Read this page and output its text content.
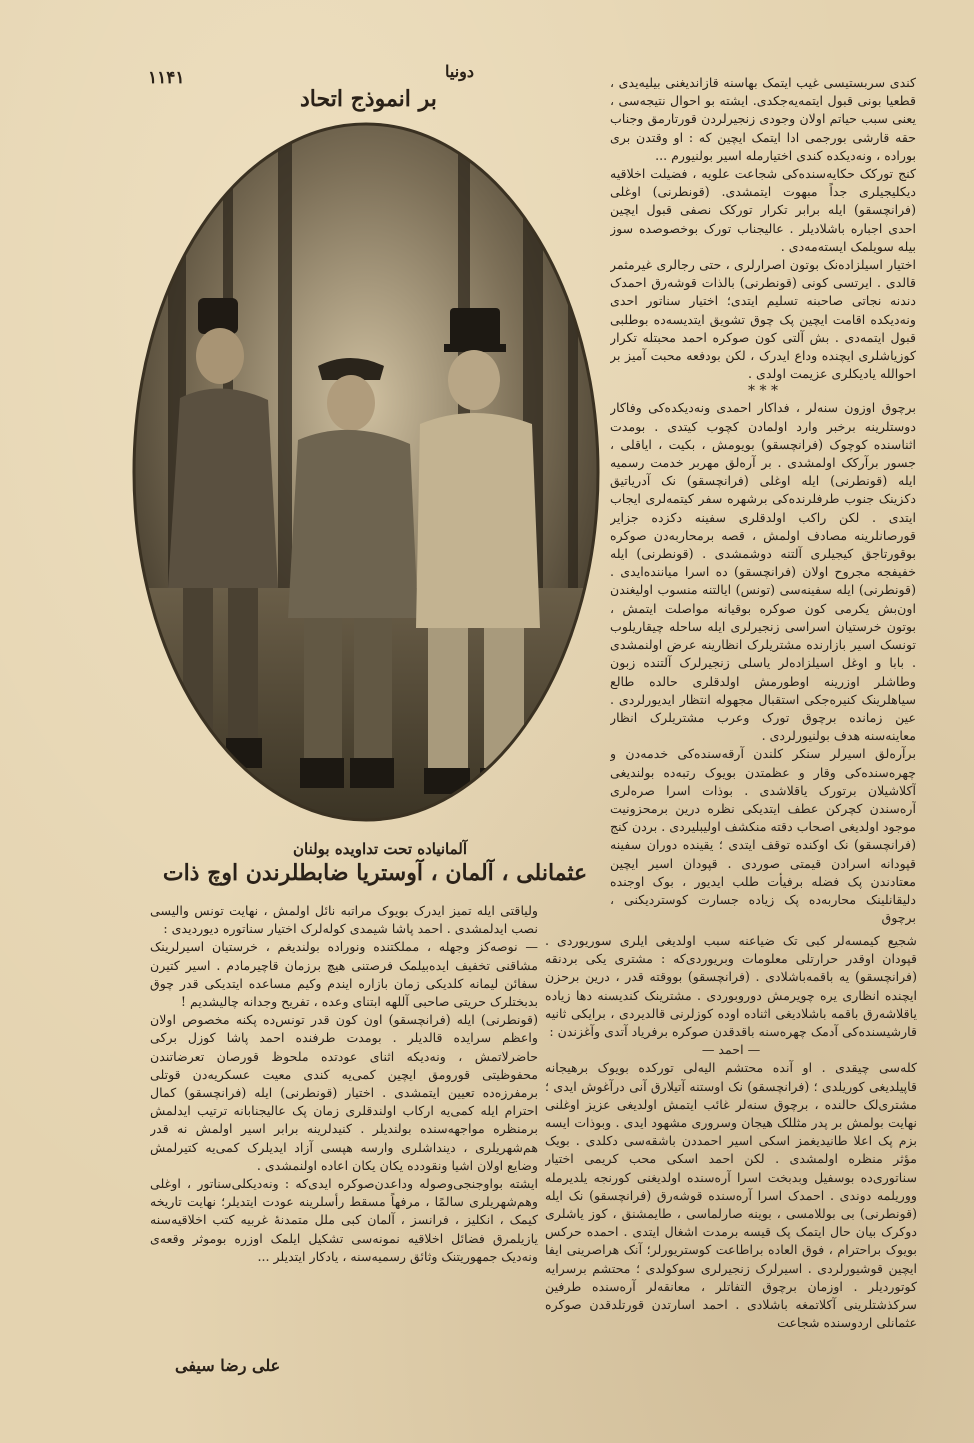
۱۱۴۱	دونیا
بر انموذج اتحاد
آلمانیاده تحت تداویده بولنان
عثمانلی ، آلمان ، آوستریا ضابطلرندن اوچ ذات

کندی سربستیسی غیب ایتمک بهاسنه قازاندیغنی بیلیه‌یدی ، قطعیا بونی قبول ایتمه‌یه‌جکدی. ایشته بو احوال نتیجه‌سی ، یعنی سبب حیاتم اولان وجودی زنجیرلردن قورتارمق وجناب حقه قارشی بورجمی ادا ایتمک ایچین که : او وقتدن بری بوراده ، ونه‌دیکده کندی اختیارمله اسیر بولنیورم ...

کنج تورکک حکایه‌سنده‌کی شجاعت علویه ، فضیلت اخلاقیه دیکلیجیلری جداً مبهوت ایتمشدی. (قونطرنی) اوغلی (فرانچسقو) ایله برابر تکرار تورکک نصفی قبول ایچین احدی اجباره باشلادیلر . عالیجناب تورک بوخصوصده سوز بیله سویلمک ایسته‌مه‌دی .

اختیار اسیلزاده‌نک بوتون اصرارلری ، حتی رجالری غیرمثمر قالدی . ایرتسی کونی (قونطرنی) بالذات قوشه‌رق احمدک دندنه نجاتی صاحبنه تسلیم ایتدی؛ اختیار سناتور احدی ونه‌دیکده اقامت ایچین پک چوق تشویق ایتدیسه‌ده بوطلبی قبول ایتمه‌دی . بش آلتی کون صوکره احمد محبتله تکرار کوزیاشلری ایچنده وداع ایدرک ، لکن بودفعه محبت آمیز بر احوالله یادیکلری عزیمت اولدی .

* * *

برچوق اوزون سنه‌لر ، فداکار احمدی ونه‌دیکده‌کی وفاکار دوستلرینه برخبر وارد اولمادن کچوب کیتدی . بومدت اثناسنده کوچوک (فرانچسقو) بویومش ، بکیت ، ایاقلی ، جسور برآرکک اولمشدی . بر آره‌لق مهربر خدمت رسمیه ایله (قونطرنی) ایله اوغلی (فرانچسقو) نک آدریاتیق دکزینک جنوب طرفلرنده‌کی برشهره سفر کیتمه‌لری ایجاب ایتدی . لکن راکب اولدقلری سفینه دکزده جزایر قورصانلرینه مصادف اولمش ، قصه برمحاربه‌دن صوکره بوقورتاجق کیجیلری آلتنه دوشمشدی . (قونطرنی) ایله خفیفجه مجروح اولان (فرانچسقو) ده اسرا میاننده‌ایدی . (قونطرنی) ایله سفینه‌سی (تونس) ایالتنه منسوب اولیغندن اون‌بش یکرمی کون صوکره بوقیانه مواصلت ایتمش ، بوتون خرستیان اسراسی زنجیرلری ایله ساحله چیقاریلوب تونسک اسیر بازارنده مشتریلرک انظارینه عرض اولنمشدی . بابا و اوغل اسیلزاده‌لر یاسلی زنجیرلرک آلتنده زبون وطاشلر اوزرینه اوطورمش اولدقلری حالده طالع سیاهلرینک کنیره‌جکی استقبال مجهوله انتظار ایدیورلردی . عین زمانده برچوق تورک وعرب مشتریلرک انظار معاینه‌سنه هدف بولنیورلردی .

برآره‌لق اسیرلر سنکر کلندن آرقه‌سنده‌کی خدمه‌دن و چهره‌سنده‌کی وقار و عظمتدن بویوک رتبه‌ده بولندیغی آکلاشیلان برتورک یاقلاشدی . بوذات اسرا صره‌لری آره‌سندن کچرکن عطف ایتدیکی نظره درین برمحزونیت موجود اولدیغی اصحاب دقته منکشف اولیبلیردی . بردن کنج (فرانچسقو) نک اوکنده توقف ایتدی ؛ یقینده دوران سفینه قپودانه اسرادن قیمتی صوردی . قپودان اسیر ایچین معتادندن پک فضله برفیأت طلب ایدیور ، بوک اوجنده دلیقانلینک محاربه‌ده پک زیاده جسارت کوستردیکنی ، برچوق

ولیاقتی ایله تمیز ایدرک بویوک مراتبه نائل اولمش ، نهایت تونس والیسی نصب ایدلمشدی . احمد پاشا شیمدی کوله‌لرک اختیار سناتوره دیوردیدی :

— نوصه‌کز وجهله ، مملکتنده ونوراده بولندیغم ، خرستیان اسیرلرینک مشاقنی تخفیف ایده‌بیلمک فرصتنی هیچ برزمان قاچیرمادم . اسیر کتیرن سفائن لیمانه کلدیکی زمان بازاره ایندم وکیم مساعده ایتدیکی قدر چوق بدبختلرک حریتی صاحبی آللهه ابتنای وعده ، تفریح وجدانه چالیشدیم !

(قونطرنی) ایله (فرانچسقو) اون کون قدر تونس‌ده پکنه مخصوص اولان واعظم سرایده قالدیلر . بومدت طرفنده احمد پاشا کوزل برکی حاضرلاتمش ، ونه‌دیکه اثنای عودتده ملحوظ قورصان تعرضاتندن محفوظیتی قورومق ایچین کمی‌یه کندی معیت عسکریه‌دن قوتلی برمفرزه‌ده تعیین ایتمشدی . اختیار (قونطرنی) ایله (فرانچسقو) کمال احترام ایله کمی‌یه ارکاب اولندقلری زمان پک عالیجنابانه ترتیب ایدلمش برمنظره مواجهه‌سنده بولندیلر . کنیدلرینه برابر اسیر اولمش نه قدر هم‌شهریلری ، دینداشلری وارسه هپسی آزاد ایدیلرک کمی‌یه کتیرلمش وضایع اولان اشیا ونقودده یکان یکان اعاده اولنمشدی .

ایشته بواوجنجی‌وصوله وداعدن‌صوکره ایدی‌که : ونه‌دیکلی‌سناتور ، اوغلی وهم‌شهریلری سالمًا ، مرفهاً مسقط رأسلرینه عودت ایتدیلر؛ نهایت تاریخه کیمک ، انکلیز ، فرانسز ، آلمان کبی ملل متمدنهٔ غربیه کتب اخلاقیه‌سنه یازیلمرق فضائل اخلاقیه نمونه‌سی تشکیل ایلمک اوزره بوموثر وقعه‌ی ونه‌دیک جمهوریتنک وثائق رسمیه‌سنه ، یادکار ایتدیلر ...

علی رضا سیفی

شجیع کیمسه‌لر کبی تک ضیاعنه سبب اولدیغی ایلری سوریوردی . قپودان اوقدر حرارتلی معلومات وبریوردی‌که : مشتری یکی بردنقه (فرانچسقو) یه باقمه‌باشلادی . (فرانچسقو) بووقته قدر ، درین برحزن ایچنده انظاری یره چویرمش دوروبوردی . مشترینک کندیسنه دها زیاده یاقلاشه‌رق باقمه باشلادیغی اثناده اوده کوزلرنی قالدیردی ، برایکی ثانیه قارشیسنده‌کی آدمک چهره‌سنه باقدقدن صوکره برفریاد آتدی وآغزندن :

— احمد —

کله‌سی چیقدی . او آنده محتشم الیه‌لی تورکده بویوک برهیجانه قاپیلدیغی کوریلدی ؛ (فرانچسقو) نک اوستنه آتیلارق آنی درآغوش ایدی ؛ مشتری‌لک حالنده ، برچوق سنه‌لر غائب ایتمش اولدیغی عزیز اوغلنی نهایت بولمش بر پدر مثللک هیجان وسروری مشهود ایدی . وبوذات ایسه بزم پک اعلا طانیدیغمز اسکی اسیر احمددن باشقه‌سی دکلدی . بویک مؤثر منظره اولمشدی . لکن احمد اسکی محب کریمی اختیار سناتوری‌ده بوسفیل وبدبخت اسرا آره‌سنده اولدیغنی کورنجه یلدیرمله ووریلمه دوندی . احمدک اسرا آره‌سنده قوشه‌رق (فرانچسقو) نک ایله (قونطرنی) بی بوللامسی ، بوینه صارلماسی ، طایمشنق ، کوز یاشلری دوکرک بیان حال ایتمک پک قیسه برمدت اشغال ایتدی . احمده حرکس بویوک براحترام ، فوق العاده براطاعت کوستریورلر؛ آنک هراصرینی ایفا ایچین قوشیورلردی . اسیرلرک زنجیرلری سوکولدی ؛ محتشم برسرایه کوتوردیلر . اوزمان برچوق التفاتلر ، معانقه‌لر آره‌سنده طرفین سرکذشتلرینی آکلاتمغه باشلادی . احمد اسارتدن قورتلدقدن صوکره عثمانلی اردوسنده شجاعت
